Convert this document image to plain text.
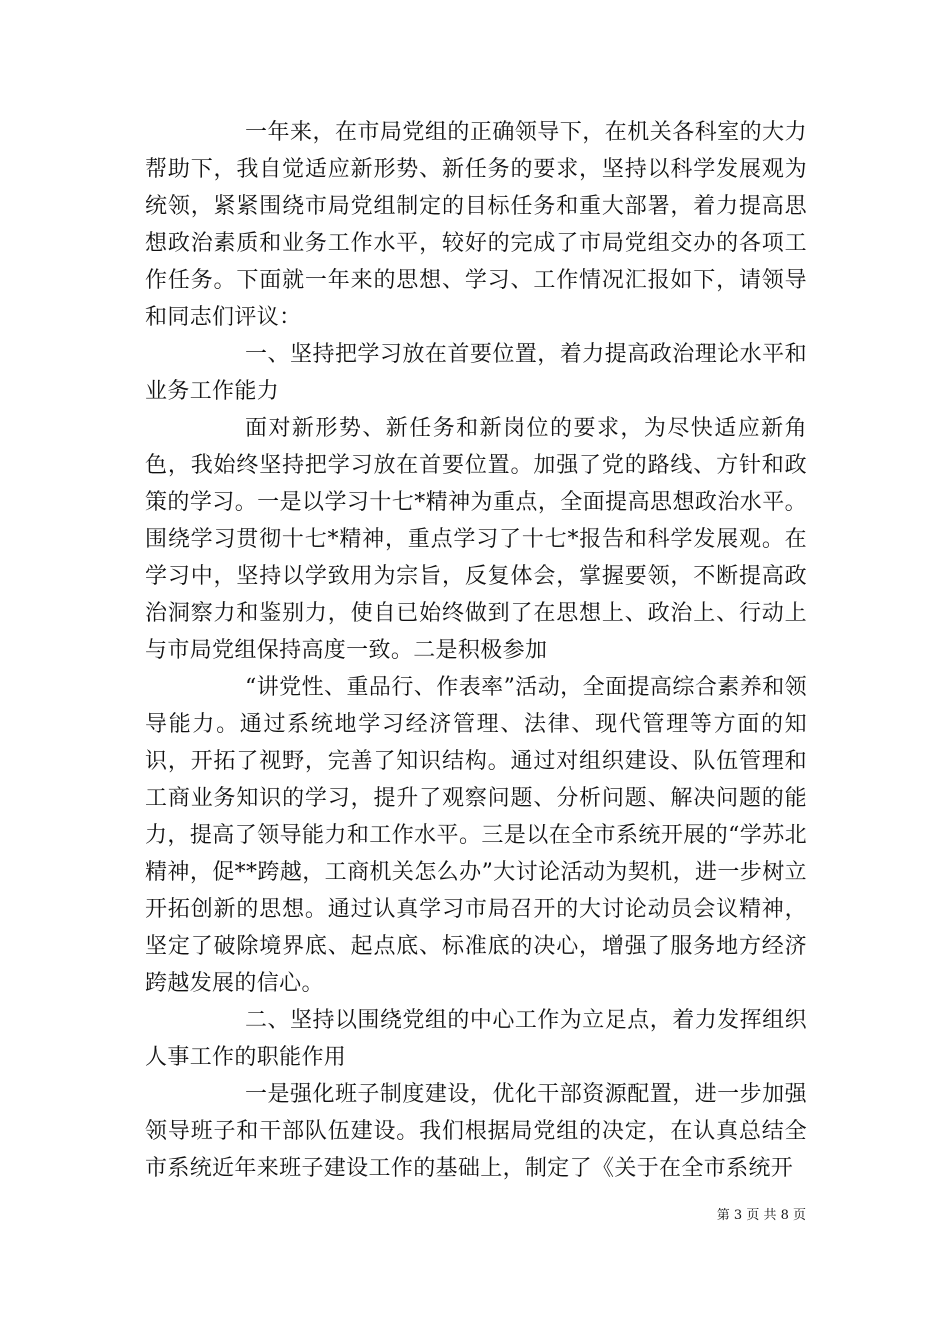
一年来，在市局党组的正确领导下，在机关各科室的大力帮助下，我自觉适应新形势、新任务的要求，坚持以科学发展观为统领，紧紧围绕市局党组制定的目标任务和重大部署，着力提高思想政治素质和业务工作水平，较好的完成了市局党组交办的各项工作任务。下面就一年来的思想、学习、工作情况汇报如下，请领导和同志们评议：

一、坚持把学习放在首要位置，着力提高政治理论水平和业务工作能力

面对新形势、新任务和新岗位的要求，为尽快适应新角色，我始终坚持把学习放在首要位置。加强了党的路线、方针和政策的学习。一是以学习十七*精神为重点，全面提高思想政治水平。围绕学习贯彻十七*精神，重点学习了十七*报告和科学发展观。在学习中，坚持以学致用为宗旨，反复体会，掌握要领，不断提高政治洞察力和鉴别力，使自已始终做到了在思想上、政治上、行动上与市局党组保持高度一致。二是积极参加

“讲党性、重品行、作表率”活动，全面提高综合素养和领导能力。通过系统地学习经济管理、法律、现代管理等方面的知识，开拓了视野，完善了知识结构。通过对组织建设、队伍管理和工商业务知识的学习，提升了观察问题、分析问题、解决问题的能力，提高了领导能力和工作水平。三是以在全市系统开展的“学苏北精神，促**跨越，工商机关怎么办”大讨论活动为契机，进一步树立开拓创新的思想。通过认真学习市局召开的大讨论动员会议精神，坚定了破除境界底、起点底、标准底的决心，增强了服务地方经济跨越发展的信心。

二、坚持以围绕党组的中心工作为立足点，着力发挥组织人事工作的职能作用

一是强化班子制度建设，优化干部资源配置，进一步加强领导班子和干部队伍建设。我们根据局党组的决定，在认真总结全市系统近年来班子建设工作的基础上，制定了《关于在全市系统开

第 3 页 共 8 页
